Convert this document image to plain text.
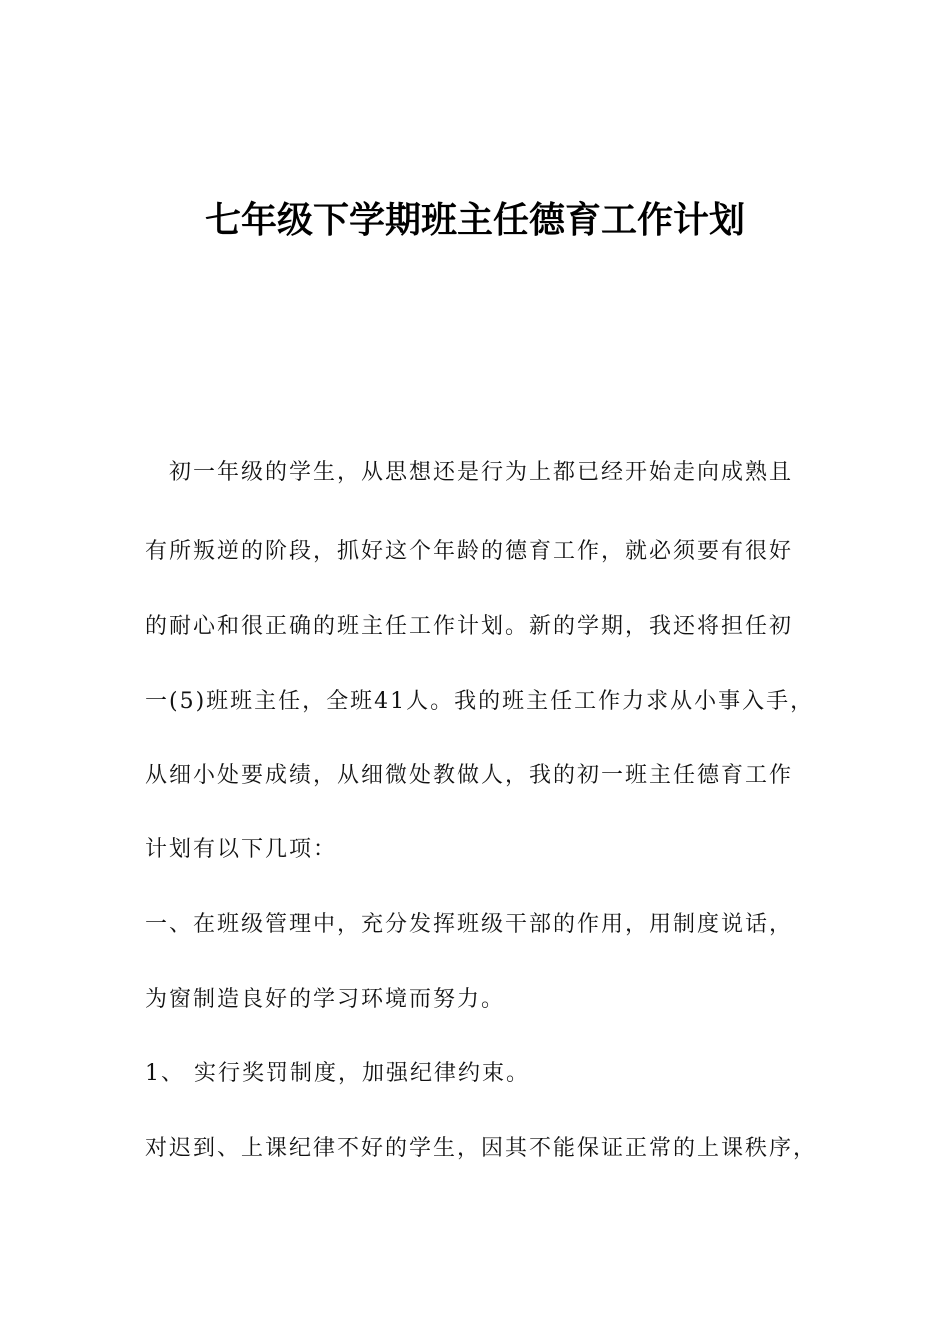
七年级下学期班主任德育工作计划
　初一年级的学生，从思想还是行为上都已经开始走向成熟且
有所叛逆的阶段，抓好这个年龄的德育工作，就必须要有很好
的耐心和很正确的班主任工作计划。新的学期，我还将担任初
一(5)班班主任，全班41人。我的班主任工作力求从小事入手，
从细小处要成绩，从细微处教做人，我的初一班主任德育工作
计划有以下几项：
一、在班级管理中，充分发挥班级干部的作用，用制度说话，
为窗制造良好的学习环境而努力。
1、 实行奖罚制度，加强纪律约束。
对迟到、上课纪律不好的学生，因其不能保证正常的上课秩序，
